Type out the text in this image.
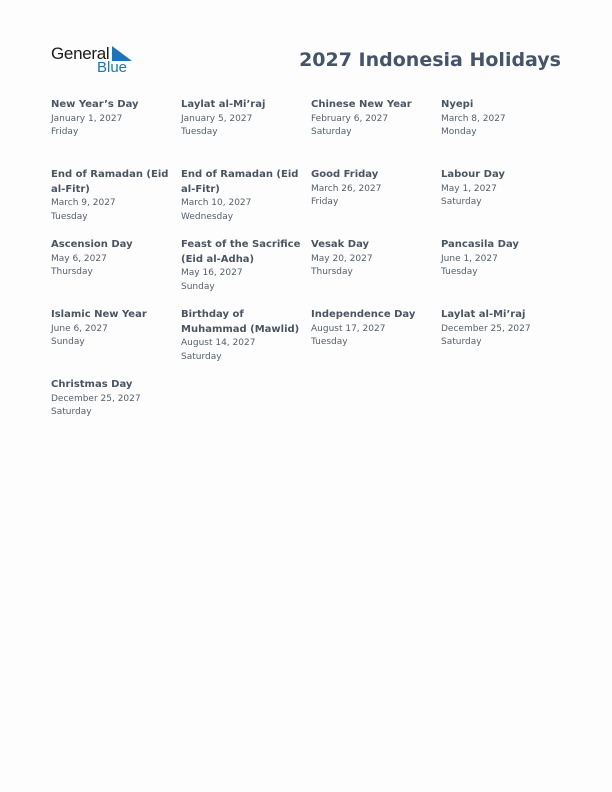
General
Blue	2027 Indonesia Holidays
New Year’s Day
January 1, 2027
Friday
Laylat al-Mi’raj
January 5, 2027
Tuesday
Chinese New Year
February 6, 2027
Saturday
Nyepi
March 8, 2027
Monday
End of Ramadan (Eid al-Fitr)
March 9, 2027
Tuesday
End of Ramadan (Eid al-Fitr)
March 10, 2027
Wednesday
Good Friday
March 26, 2027
Friday
Labour Day
May 1, 2027
Saturday
Ascension Day
May 6, 2027
Thursday
Feast of the Sacrifice (Eid al-Adha)
May 16, 2027
Sunday
Vesak Day
May 20, 2027
Thursday
Pancasila Day
June 1, 2027
Tuesday
Islamic New Year
June 6, 2027
Sunday
Birthday of Muhammad (Mawlid)
August 14, 2027
Saturday
Independence Day
August 17, 2027
Tuesday
Laylat al-Mi’raj
December 25, 2027
Saturday
Christmas Day
December 25, 2027
Saturday
